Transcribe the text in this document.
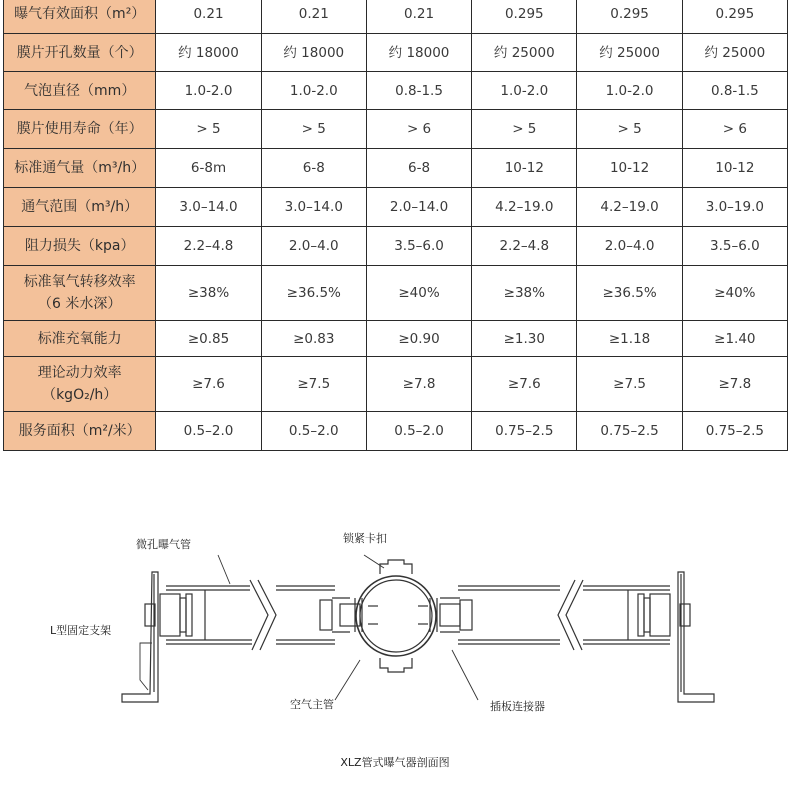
曝气有效面积（m²）	0.21	0.21	0.21	0.295	0.295	0.295

膜片开孔数量（个）	约 18000	约 18000	约 18000	约 25000	约 25000	约 25000

气泡直径（mm）	1.0-2.0	1.0-2.0	0.8-1.5	1.0-2.0	1.0-2.0	0.8-1.5

膜片使用寿命（年）	> 5	> 5	> 6	> 5	> 5	> 6

标准通气量（m³/h）	6-8m	6-8	6-8	10-12	10-12	10-12

通气范围（m³/h）	3.0–14.0	3.0–14.0	2.0–14.0	4.2–19.0	4.2–19.0	3.0–19.0

阻力损失（kpa）	2.2–4.8	2.0–4.0	3.5–6.0	2.2–4.8	2.0–4.0	3.5–6.0

标准氧气转移效率
（6 米水深）	≥38%	≥36.5%	≥40%	≥38%	≥36.5%	≥40%

标准充氧能力	≥0.85	≥0.83	≥0.90	≥1.30	≥1.18	≥1.40

理论动力效率
（kgO₂/h）	≥7.6	≥7.5	≥7.8	≥7.6	≥7.5	≥7.8

服务面积（m²/米）	0.5–2.0	0.5–2.0	0.5–2.0	0.75–2.5	0.75–2.5	0.75–2.5
微孔曝气管	锁紧卡扣
L型固定支架
空气主管	插板连接器
XLZ管式曝气器剖面图
